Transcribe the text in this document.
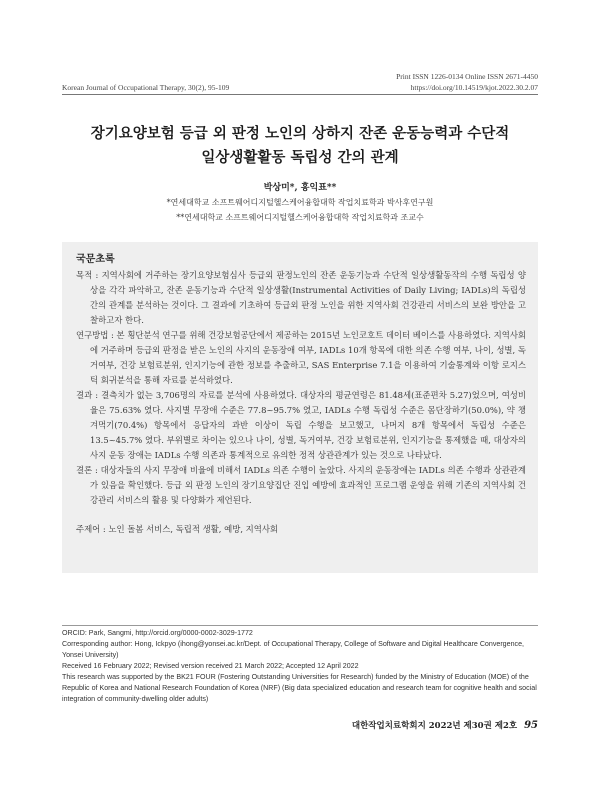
Korean Journal of Occupational Therapy, 30(2), 95-109
Print ISSN 1226-0134 Online ISSN 2671-4450
https://doi.org/10.14519/kjot.2022.30.2.07
장기요양보험 등급 외 판정 노인의 상하지 잔존 운동능력과 수단적
일상생활활동 독립성 간의 관계
박상미*, 홍익표**
*연세대학교 소프트웨어디지털헬스케어융합대학 작업치료학과 박사후연구원
**연세대학교 소프트웨어디지털헬스케어융합대학 작업치료학과 조교수
국문초록

목적 : 지역사회에 거주하는 장기요양보험심사 등급외 판정노인의 잔존 운동기능과 수단적 일상생활동작의 수행 독립성 양상을 각각 파악하고, 잔존 운동기능과 수단적 일상생활(Instrumental Activities of Daily Living; IADLs)의 독립성 간의 관계를 분석하는 것이다. 그 결과에 기초하여 등급외 판정 노인을 위한 지역사회 건강관리 서비스의 보완 방안을 고찰하고자 한다.

연구방법 : 본 횡단분석 연구를 위해 건강보험공단에서 제공하는 2015년 노인코호트 데이터 베이스를 사용하였다. 지역사회에 거주하며 등급외 판정을 받은 노인의 사지의 운동장애 여부, IADLs 10개 항목에 대한 의존 수행 여부, 나이, 성별, 독거여부, 건강 보험료분위, 인지기능에 관한 정보를 추출하고, SAS Enterprise 7.1을 이용하여 기술통계와 이항 로지스틱 회귀분석을 통해 자료를 분석하였다.

결과 : 결측치가 없는 3,706명의 자료를 분석에 사용하였다. 대상자의 평균연령은 81.48세(표준편차 5.27)었으며, 여성비율은 75.63% 였다. 사지별 무장애 수준은 77.8~95.7% 였고, IADLs 수행 독립성 수준은 몸단장하기(50.0%), 약 챙겨먹기(70.4%) 항목에서 응답자의 과반 이상이 독립 수행을 보고했고, 나머지 8개 항목에서 독립성 수준은 13.5~45.7% 였다. 부위별로 차이는 있으나 나이, 성별, 독거여부, 건강 보험료분위, 인지기능을 통제했을 때, 대상자의 사지 운동 장애는 IADLs 수행 의존과 통계적으로 유의한 정적 상관관계가 있는 것으로 나타났다.

결론 : 대상자들의 사지 무장애 비율에 비해서 IADLs 의존 수행이 높았다. 사지의 운동장애는 IADLs 의존 수행과 상관관계가 있음을 확인했다. 등급 외 판정 노인의 장기요양집단 진입 예방에 효과적인 프로그램 운영을 위해 기존의 지역사회 건강관리 서비스의 활용 및 다양화가 제언된다.

주제어 : 노인 돌봄 서비스, 독립적 생활, 예방, 지역사회

ORCID: Park, Sangmi, http://orcid.org/0000-0002-3029-1772

Corresponding author: Hong, Ickpyo (ihong@yonsei.ac.kr/Dept. of Occupational Therapy, College of Software and Digital Healthcare Convergence, Yonsei University)

Received 16 February 2022; Revised version received 21 March 2022; Accepted 12 April 2022

This research was supported by the BK21 FOUR (Fostering Outstanding Universities for Research) funded by the Ministry of Education (MOE) of the Republic of Korea and National Research Foundation of Korea (NRF) (Big data specialized education and research team for cognitive health and social integration of community-dwelling older adults)

대한작업치료학회지 2022년 제30권 제2호 95
